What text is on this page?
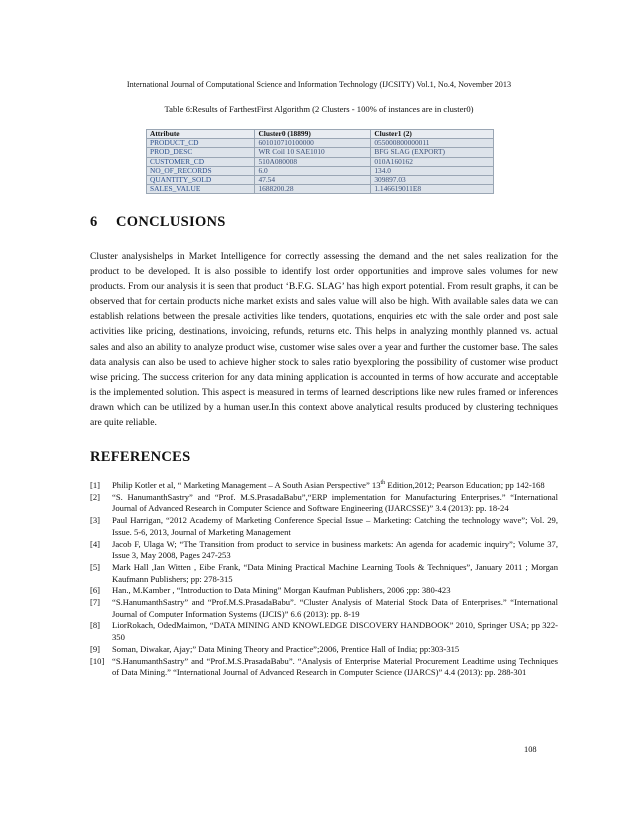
International Journal of Computational Science and Information Technology (IJCSITY) Vol.1, No.4, November 2013
Table 6:Results of FarthestFirst Algorithm (2 Clusters - 100% of instances are in cluster0)
Attribute	Cluster0 (18899)	Cluster1 (2)
PRODUCT_CD	601010710100000	055000800000011
PROD_DESC	WR Coil 10 SAE1010	BFG SLAG (EXPORT)
CUSTOMER_CD	510A080008	010A160162
NO_OF_RECORDS	6.0	134.0
QUANTITY_SOLD	47.54	309897.03
SALES_VALUE	1688200.28	1.146619011E8
6 CONCLUSIONS
Cluster analysishelps in Market Intelligence for correctly assessing the demand and the net sales realization for the product to be developed. It is also possible to identify lost order opportunities and improve sales volumes for new products. From our analysis it is seen that product ‘B.F.G. SLAG’ has high export potential. From result graphs, it can be observed that for certain products niche market exists and sales value will also be high. With available sales data we can establish relations between the presale activities like tenders, quotations, enquiries etc with the sale order and post sale activities like pricing, destinations, invoicing, refunds, returns etc. This helps in analyzing monthly planned vs. actual sales and also an ability to analyze product wise, customer wise sales over a year and further the customer base. The sales data analysis can also be used to achieve higher stock to sales ratio byexploring the possibility of customer wise product wise pricing. The success criterion for any data mining application is accounted in terms of how accurate and acceptable is the implemented solution. This aspect is measured in terms of learned descriptions like new rules framed or inferences drawn which can be utilized by a human user.In this context above analytical results produced by clustering techniques are quite reliable.
REFERENCES
[1] Philip Kotler et al, “ Marketing Management – A South Asian Perspective” 13th Edition,2012; Pearson Education; pp 142-168
[2] “S. HanumanthSastry” and “Prof. M.S.PrasadaBabu”,“ERP implementation for Manufacturing Enterprises.” “International Journal of Advanced Research in Computer Science and Software Engineering (IJARCSSE)” 3.4 (2013): pp. 18-24
[3] Paul Harrigan, “2012 Academy of Marketing Conference Special Issue – Marketing: Catching the technology wave”; Vol. 29, Issue. 5-6, 2013, Journal of Marketing Management
[4] Jacob F, Ulaga W; “The Transition from product to service in business markets: An agenda for academic inquiry”; Volume 37, Issue 3, May 2008, Pages 247-253
[5] Mark Hall ,Ian Witten , Eibe Frank, “Data Mining Practical Machine Learning Tools & Techniques”, January 2011 ; Morgan Kaufmann Publishers; pp: 278-315
[6] Han., M.Kamber , “Introduction to Data Mining” Morgan Kaufman Publishers, 2006 ;pp: 380-423
[7] “S.HanumanthSastry” and “Prof.M.S.PrasadaBabu”. “Cluster Analysis of Material Stock Data of Enterprises.” “International Journal of Computer Information Systems (IJCIS)” 6.6 (2013): pp. 8-19
[8] LiorRokach, OdedMaimon, “DATA MINING AND KNOWLEDGE DISCOVERY HANDBOOK” 2010, Springer USA; pp 322-350
[9] Soman, Diwakar, Ajay;” Data Mining Theory and Practice”;2006, Prentice Hall of India; pp:303-315
[10] “S.HanumanthSastry” and “Prof.M.S.PrasadaBabu”. “Analysis of Enterprise Material Procurement Leadtime using Techniques of Data Mining.” “International Journal of Advanced Research in Computer Science (IJARCS)” 4.4 (2013): pp. 288-301
108
